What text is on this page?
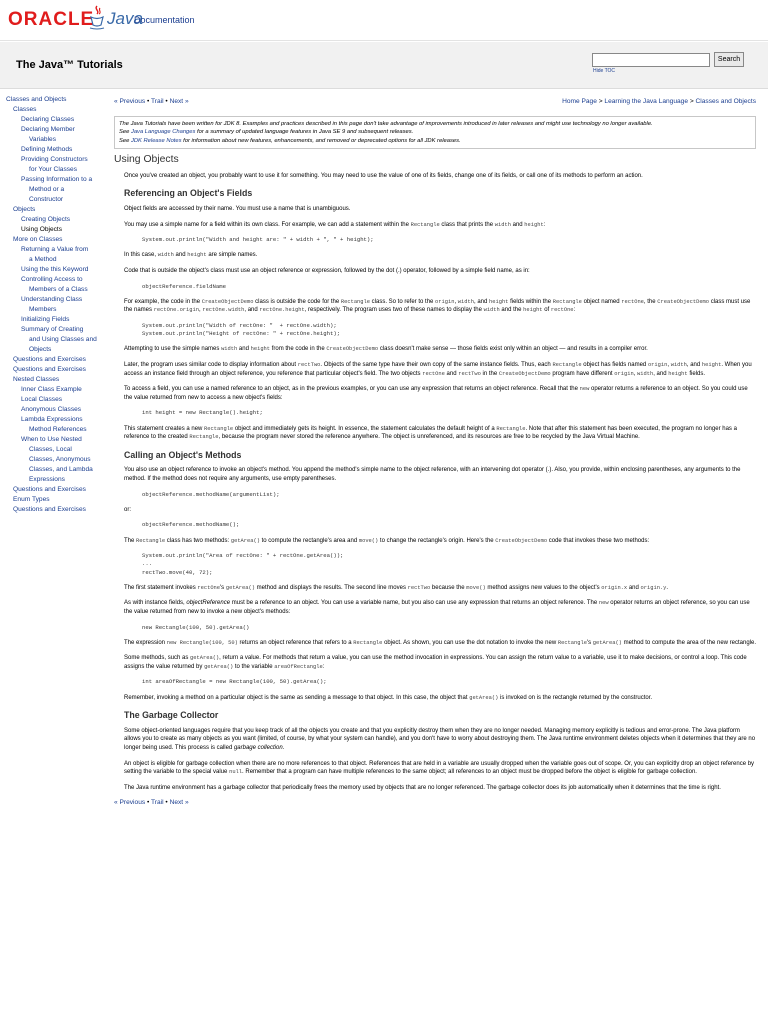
ORACLE Java
Documentation
The Java™ Tutorials	Search
Hide TOC
Classes and Objects
Classes
Declaring Classes
Declaring Member
Variables
Defining Methods
Providing Constructors
for Your Classes
Passing Information to a
Method or a
Constructor
Objects
Creating Objects
Using Objects
More on Classes
Returning a Value from
a Method
Using the this Keyword
Controlling Access to
Members of a Class
Understanding Class
Members
Initializing Fields
Summary of Creating
and Using Classes and
Objects
Questions and Exercises
Questions and Exercises
Nested Classes
Inner Class Example
Local Classes
Anonymous Classes
Lambda Expressions
Method References
When to Use Nested
Classes, Local
Classes, Anonymous
Classes, and Lambda
Expressions
Questions and Exercises
Enum Types
Questions and Exercises
« Previous • Trail • Next »	Home Page > Learning the Java Language > Classes and Objects
The Java Tutorials have been written for JDK 8. Examples and practices described in this page don't take advantage of improvements introduced in later releases and might use technology no longer available.
See Java Language Changes for a summary of updated language features in Java SE 9 and subsequent releases.
See JDK Release Notes for information about new features, enhancements, and removed or deprecated options for all JDK releases.
Using Objects

Once you've created an object, you probably want to use it for something. You may need to use the value of one of its fields, change one of its fields, or call one of its methods to perform an action.

Referencing an Object's Fields

Object fields are accessed by their name. You must use a name that is unambiguous.

You may use a simple name for a field within its own class. For example, we can add a statement within the Rectangle class that prints the width and height:

System.out.println("Width and height are: " + width + ", " + height);

In this case, width and height are simple names.

Code that is outside the object's class must use an object reference or expression, followed by the dot (.) operator, followed by a simple field name, as in:

objectReference.fieldName

For example, the code in the CreateObjectDemo class is outside the code for the Rectangle class. So to refer to the origin, width, and height fields within the Rectangle object named rectOne, the CreateObjectDemo class must use the names rectOne.origin, rectOne.width, and rectOne.height, respectively. The program uses two of these names to display the width and the height of rectOne:

System.out.println("Width of rectOne: "  + rectOne.width);
System.out.println("Height of rectOne: " + rectOne.height);

Attempting to use the simple names width and height from the code in the CreateObjectDemo class doesn't make sense — those fields exist only within an object — and results in a compiler error.

Later, the program uses similar code to display information about rectTwo. Objects of the same type have their own copy of the same instance fields. Thus, each Rectangle object has fields named origin, width, and height. When you access an instance field through an object reference, you reference that particular object's field. The two objects rectOne and rectTwo in the CreateObjectDemo program have different origin, width, and height fields.

To access a field, you can use a named reference to an object, as in the previous examples, or you can use any expression that returns an object reference. Recall that the new operator returns a reference to an object. So you could use the value returned from new to access a new object's fields:

int height = new Rectangle().height;

This statement creates a new Rectangle object and immediately gets its height. In essence, the statement calculates the default height of a Rectangle. Note that after this statement has been executed, the program no longer has a reference to the created Rectangle, because the program never stored the reference anywhere. The object is unreferenced, and its resources are free to be recycled by the Java Virtual Machine.

Calling an Object's Methods

You also use an object reference to invoke an object's method. You append the method's simple name to the object reference, with an intervening dot operator (.). Also, you provide, within enclosing parentheses, any arguments to the method. If the method does not require any arguments, use empty parentheses.

objectReference.methodName(argumentList);

or:

objectReference.methodName();

The Rectangle class has two methods: getArea() to compute the rectangle's area and move() to change the rectangle's origin. Here's the CreateObjectDemo code that invokes these two methods:

System.out.println("Area of rectOne: " + rectOne.getArea());
...
rectTwo.move(40, 72);

The first statement invokes rectOne's getArea() method and displays the results. The second line moves rectTwo because the move() method assigns new values to the object's origin.x and origin.y.

As with instance fields, objectReference must be a reference to an object. You can use a variable name, but you also can use any expression that returns an object reference. The new operator returns an object reference, so you can use the value returned from new to invoke a new object's methods:

new Rectangle(100, 50).getArea()

The expression new Rectangle(100, 50) returns an object reference that refers to a Rectangle object. As shown, you can use the dot notation to invoke the new Rectangle's getArea() method to compute the area of the new rectangle.

Some methods, such as getArea(), return a value. For methods that return a value, you can use the method invocation in expressions. You can assign the return value to a variable, use it to make decisions, or control a loop. This code assigns the value returned by getArea() to the variable areaOfRectangle:

int areaOfRectangle = new Rectangle(100, 50).getArea();

Remember, invoking a method on a particular object is the same as sending a message to that object. In this case, the object that getArea() is invoked on is the rectangle returned by the constructor.

The Garbage Collector

Some object-oriented languages require that you keep track of all the objects you create and that you explicitly destroy them when they are no longer needed. Managing memory explicitly is tedious and error-prone. The Java platform allows you to create as many objects as you want (limited, of course, by what your system can handle), and you don't have to worry about destroying them. The Java runtime environment deletes objects when it determines that they are no longer being used. This process is called garbage collection.

An object is eligible for garbage collection when there are no more references to that object. References that are held in a variable are usually dropped when the variable goes out of scope. Or, you can explicitly drop an object reference by setting the variable to the special value null. Remember that a program can have multiple references to the same object; all references to an object must be dropped before the object is eligible for garbage collection.

The Java runtime environment has a garbage collector that periodically frees the memory used by objects that are no longer referenced. The garbage collector does its job automatically when it determines that the time is right.

« Previous • Trail • Next »
